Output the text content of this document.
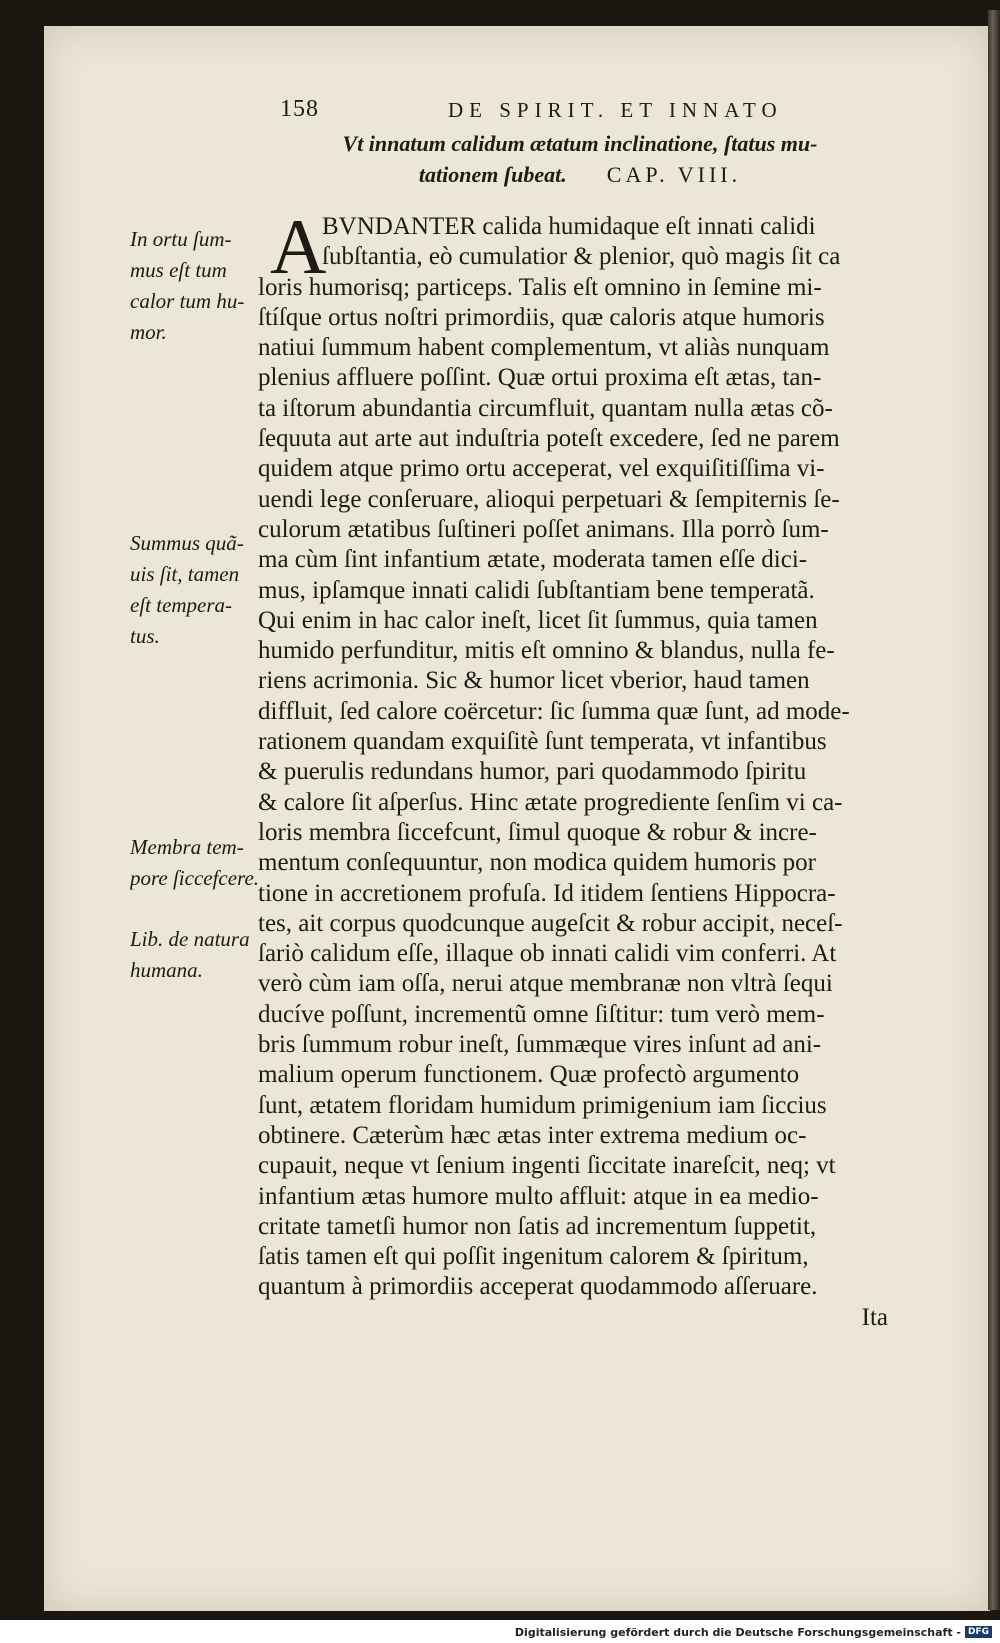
158	DE SPIRIT. ET INNATO
Vt innatum calidum ætatum inclinatione, ſtatus mu-
tationem ſubeat. CAP. VIII.
In ortu ſum-
mus eſt tum
calor tum hu-
mor.
Summus quã-
uis ſit, tamen
eſt tempera-
tus.
Membra tem-
pore ſiccefcere.
Lib. de natura
humana.
A
BVNDANTER calida humidaque eſt innati calidi
ſubſtantia, eò cumulatior & plenior, quò magis ſit ca
loris humorisq; particeps. Talis eſt omnino in ſemine mi-
ſtíſque ortus noſtri primordiis, quæ caloris atque humoris
natiui ſummum habent complementum, vt aliàs nunquam
plenius affluere poſſint. Quæ ortui proxima eſt ætas, tan-
ta iſtorum abundantia circumfluit, quantam nulla ætas cõ-
ſequuta aut arte aut induſtria poteſt excedere, ſed ne parem
quidem atque primo ortu acceperat, vel exquiſitiſſima vi-
uendi lege conſeruare, alioqui perpetuari & ſempiternis ſe-
culorum ætatibus ſuſtineri poſſet animans. Illa porrò ſum-
ma cùm ſint infantium ætate, moderata tamen eſſe dici-
mus, ipſamque innati calidi ſubſtantiam bene temperatã.
Qui enim in hac calor ineſt, licet ſit ſummus, quia tamen
humido perfunditur, mitis eſt omnino & blandus, nulla fe-
riens acrimonia. Sic & humor licet vberior, haud tamen
diffluit, ſed calore coërcetur: ſic ſumma quæ ſunt, ad mode-
rationem quandam exquiſitè ſunt temperata, vt infantibus
& puerulis redundans humor, pari quodammodo ſpiritu
& calore ſit aſperſus. Hinc ætate progrediente ſenſim vi ca-
loris membra ſiccefcunt, ſimul quoque & robur & incre-
mentum conſequuntur, non modica quidem humoris por
tione in accretionem profuſa. Id itidem ſentiens Hippocra-
tes, ait corpus quodcunque augeſcit & robur accipit, neceſ-
ſariò calidum eſſe, illaque ob innati calidi vim conferri. At
verò cùm iam oſſa, nerui atque membranæ non vltrà ſequi
ducíve poſſunt, incrementũ omne ſiſtitur: tum verò mem-
bris ſummum robur ineſt, ſummæque vires inſunt ad ani-
malium operum functionem. Quæ profectò argumento
ſunt, ætatem floridam humidum primigenium iam ſiccius
obtinere. Cæterùm hæc ætas inter extrema medium oc-
cupauit, neque vt ſenium ingenti ſiccitate inareſcit, neq; vt
infantium ætas humore multo affluit: atque in ea medio-
critate tametſi humor non ſatis ad incrementum ſuppetit,
ſatis tamen eſt qui poſſit ingenitum calorem & ſpiritum,
quantum à primordiis acceperat quodammodo aſſeruare.
Ita
Digitalisierung gefördert durch die Deutsche Forschungsgemeinschaft - DFG
